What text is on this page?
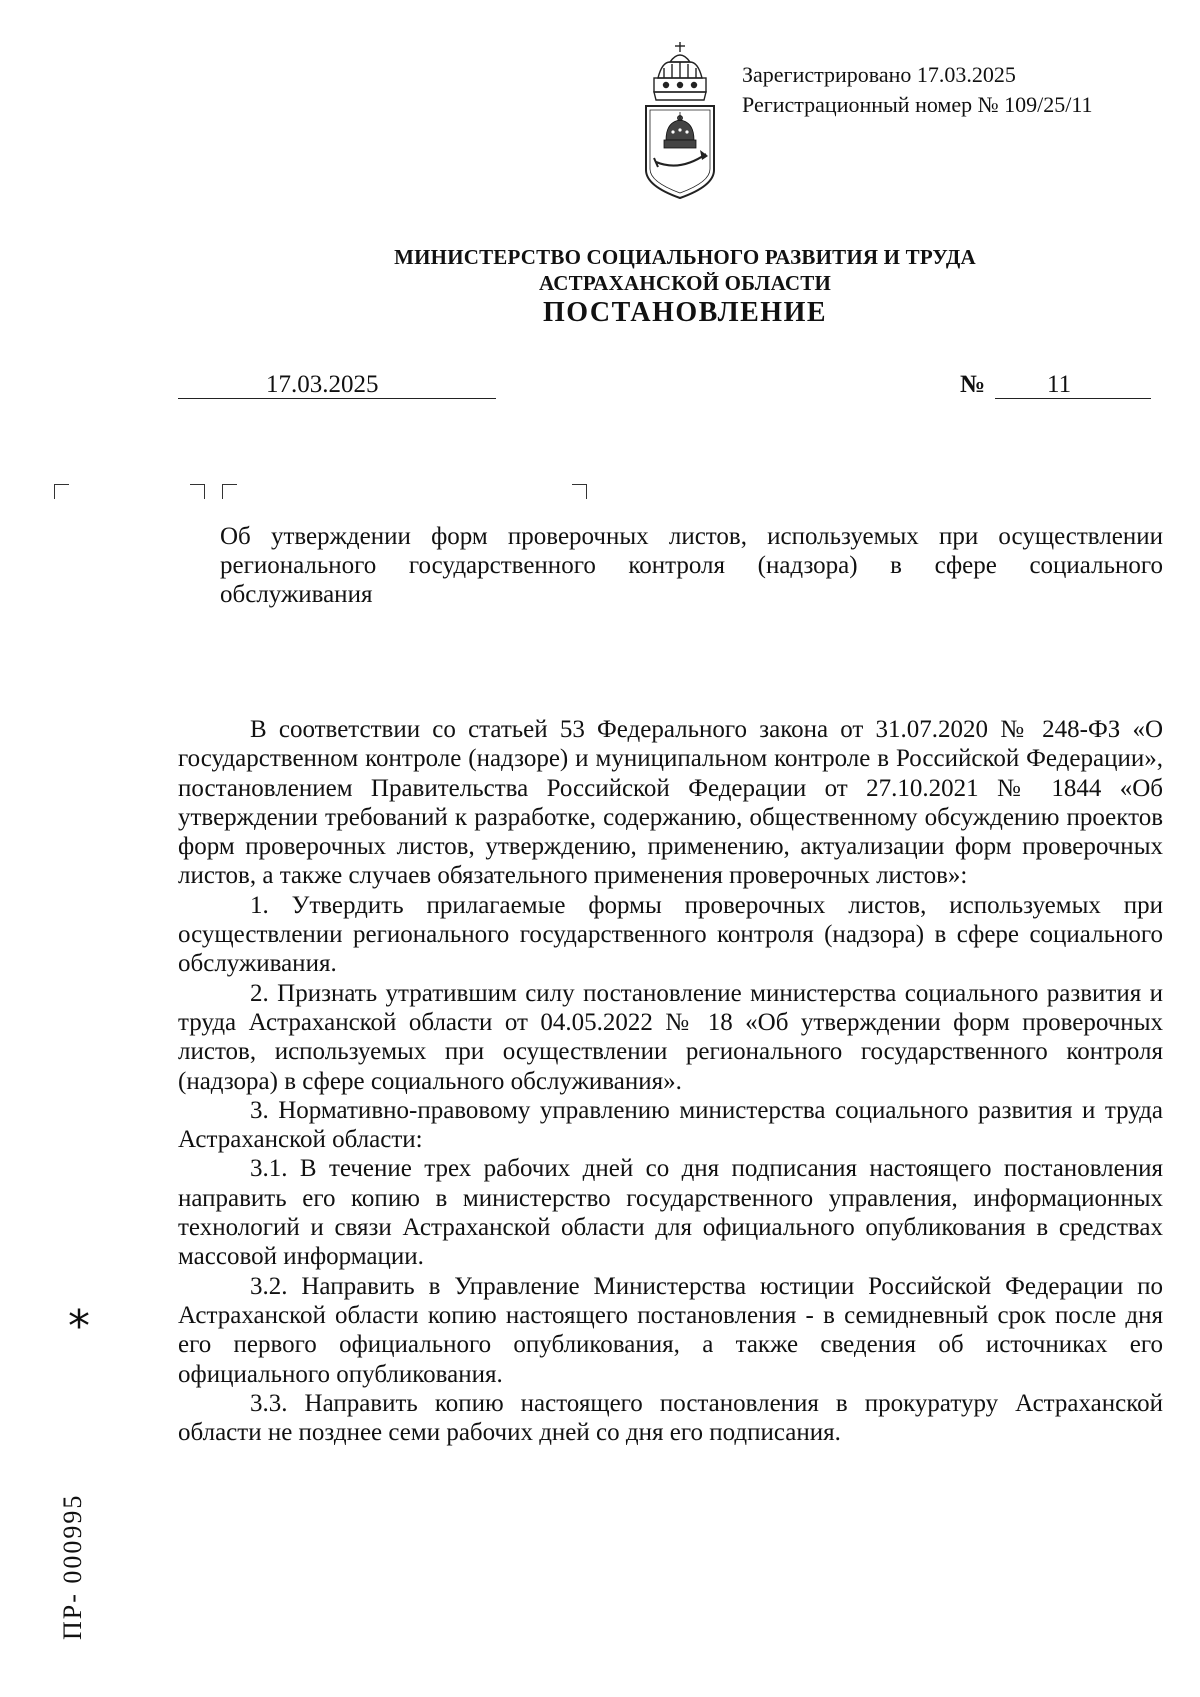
Зарегистрировано 17.03.2025
Регистрационный номер № 109/25/11
МИНИСТЕРСТВО СОЦИАЛЬНОГО РАЗВИТИЯ И ТРУДА
АСТРАХАНСКОЙ ОБЛАСТИ
ПОСТАНОВЛЕНИЕ
17.03.2025	№ 11
Об утверждении форм проверочных листов, используемых при осуществлении регионального государственного контроля (надзора) в сфере социального обслуживания

В соответствии со статьей 53 Федерального закона от 31.07.2020 № 248-ФЗ «О государственном контроле (надзоре) и муниципальном контроле в Российской Федерации», постановлением Правительства Российской Федерации от 27.10.2021 № 1844 «Об утверждении требований к разработке, содержанию, общественному обсуждению проектов форм проверочных листов, утверждению, применению, актуализации форм проверочных листов, а также случаев обязательного применения проверочных листов»:

1. Утвердить прилагаемые формы проверочных листов, используемых при осуществлении регионального государственного контроля (надзора) в сфере социального обслуживания.

2. Признать утратившим силу постановление министерства социального развития и труда Астраханской области от 04.05.2022 № 18 «Об утверждении форм проверочных листов, используемых при осуществлении регионального государственного контроля (надзора) в сфере социального обслуживания».

3. Нормативно-правовому управлению министерства социального развития и труда Астраханской области:

3.1. В течение трех рабочих дней со дня подписания настоящего постановления направить его копию в министерство государственного управления, информационных технологий и связи Астраханской области для официального опубликования в средствах массовой информации.

3.2. Направить в Управление Министерства юстиции Российской Федерации по Астраханской области копию настоящего постановления - в семидневный срок после дня его первого официального опубликования, а также сведения об источниках его официального опубликования.

3.3. Направить копию настоящего постановления в прокуратуру Астраханской области не позднее семи рабочих дней со дня его подписания.

*
ПР- 000995
